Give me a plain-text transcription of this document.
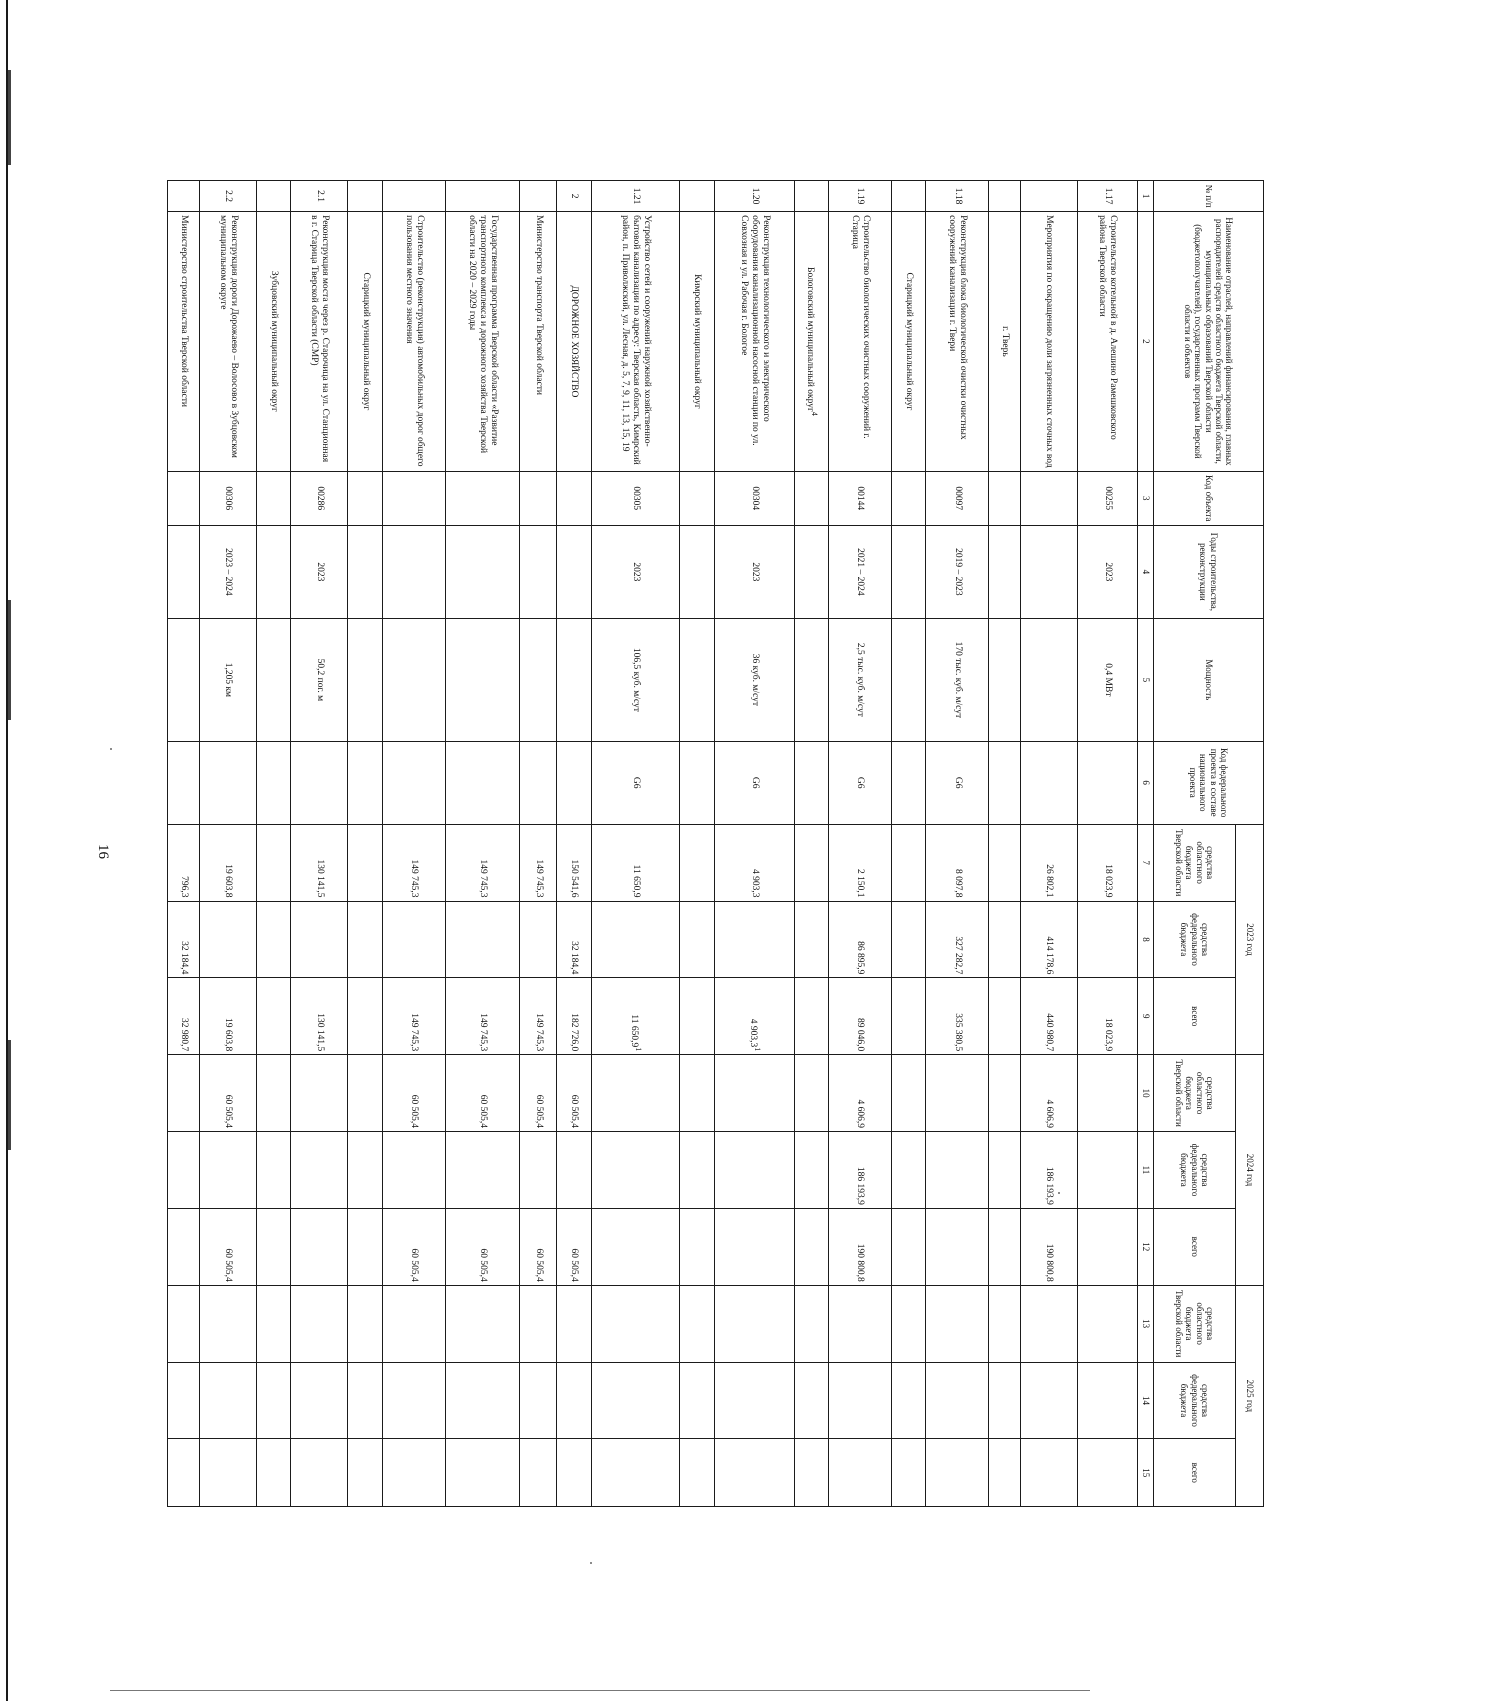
16
№ п/п	Наименование отраслей, направлений финансирования, главных распорядителей средств областного бюджета Тверской области, муниципальных образований Тверской области (бюджетополучателей), государственных программ Тверской области и объектов	Код объекта	Годы строительства, реконструкции	Мощность	Код федерального проекта в составе национального проекта	2023 год			2024 год			2025 год		
						средства областного бюджета Тверской области	средства федерального бюджета	всего	средства областного бюджета Тверской области	средства федерального бюджета	всего	средства областного бюджета Тверской области	средства федерального бюджета	всего
1	2	3	4	5	6	7	8	9	10	11	12	13	14	15
1.17	Строительство котельной в д. Алешино Рамешковского района Тверской области	00255	2023	0,4 МВт		18 023,9		18 023,9						
	Мероприятия по сокращению доли загрязненных сточных вод					26 802,1	414 178,6	440 980,7	4 606,9	186 193,9	190 800,8			
	г. Тверь													
1.18	Реконструкция блока биологической очистки очистных сооружений канализации г. Твери	00097	2019 – 2023	170 тыс. куб. м/сут	G6	8 097,8	327 282,7	335 380,5						
	Старицкий муниципальный округ													
1.19	Строительство биологических очистных сооружений г. Старица	00144	2021 – 2024	2,5 тыс. куб. м/сут	G6	2 150,1	86 895,9	89 046,0	4 606,9	186 193,9	190 800,8			
	Бологовский муниципальный округ$^4$													
1.20	Реконструкция технологического и электрического оборудования канализационной насосной станции по ул. Совхозная и ул. Рабочая г. Бологое	00304	2023	36 куб. м/сут	G6	4 903,3		4 903,3$^1$						
	Кимрский муниципальный округ													
1.21	Устройство сетей и сооружений наружной хозяйственно-бытовой канализации по адресу: Тверская область, Кимрский район, п. Приволжский, ул. Лесная, д. 5, 7, 9, 11, 13, 15, 19	00305	2023	106,5 куб. м/сут	G6	11 650,9		11 650,9$^1$						
2	ДОРОЖНОЕ ХОЗЯЙСТВО					150 541,6	32 184,4	182 726,0	60 505,4		60 505,4			
	Министерство транспорта Тверской области					149 745,3		149 745,3	60 505,4		60 505,4			
	Государственная программа Тверской области «Развитие транспортного комплекса и дорожного хозяйства Тверской области на 2020 – 2029 годы					149 745,3		149 745,3	60 505,4		60 505,4			
	Строительство (реконструкция) автомобильных дорог общего пользования местного значения					149 745,3		149 745,3	60 505,4		60 505,4			
	Старицкий муниципальный округ													
2.1	Реконструкция моста через р. Старочица на ул. Станционная в г. Старица Тверской области (СМР)	00286	2023	50,2 пог. м		130 141,5		130 141,5						
	Зубцовский муниципальный округ													
2.2	Реконструкция дороги Дорожаево – Волосово в Зубцовском муниципальном округе	00306	2023 – 2024	1,205 км		19 603,8		19 603,8	60 505,4		60 505,4			
	Министерство строительства Тверской области					796,3	32 184,4	32 980,7						
